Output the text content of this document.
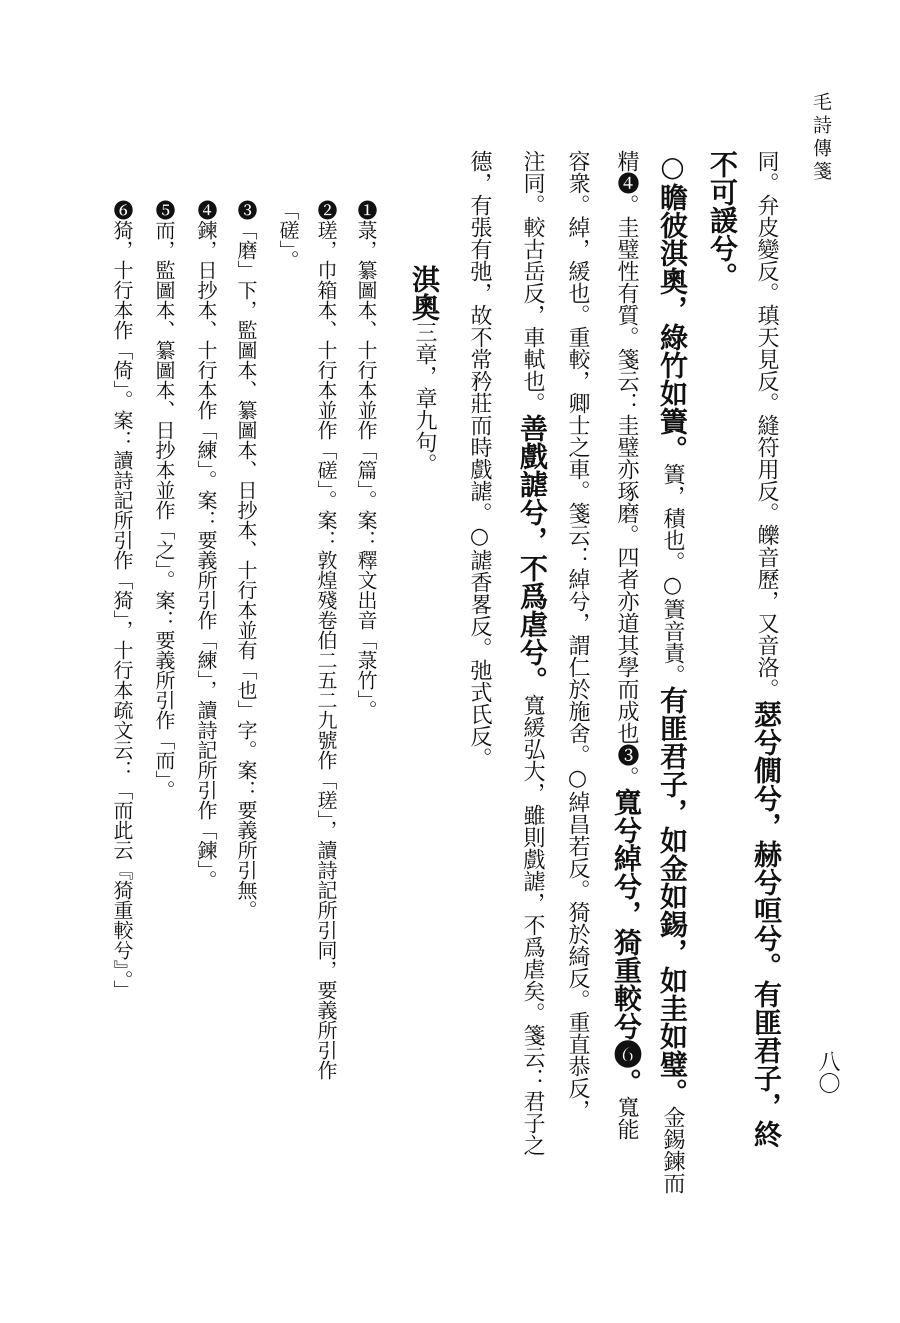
毛詩傳箋
八〇
同。弁皮變反。瑱天見反。縫符用反。皪音歷，又音洛。瑟兮僩兮，赫兮咺兮。有匪君子，終
不可諼兮。
○瞻彼淇奧，綠竹如簀。簀，積也。○簀音責。有匪君子，如金如錫，如圭如璧。金錫鍊而
精❹。圭璧性有質。箋云：圭璧亦琢磨。四者亦道其學而成也❸。寬兮綽兮，猗重較兮❻。寬能
容衆。綽，緩也。重較，卿士之車。箋云：綽兮，謂仁於施舍。○綽昌若反。猗於綺反。重直恭反，
注同。較古岳反，車軾也。善戲謔兮，不爲虐兮。寬緩弘大，雖則戲謔，不爲虐矣。箋云：君子之
德，有張有弛，故不常矜莊而時戲謔。○謔香畧反。弛式氏反。
淇奧三章，章九句。
❶菉，纂圖本、十行本並作「篇」。案：釋文出音「菉竹」。
❷瑳，巾箱本、十行本並作「磋」。案：敦煌殘卷伯二五二九號作「瑳」，讀詩記所引同，要義所引作
「磋」。
❸「磨」下，監圖本、纂圖本、日抄本、十行本並有「也」字。案：要義所引無。
❹鍊，日抄本、十行本作「練」。案：要義所引作「練」，讀詩記所引作「鍊」。
❺而，監圖本、纂圖本、日抄本並作「之」。案：要義所引作「而」。
❻猗，十行本作「倚」。案：讀詩記所引作「猗」，十行本疏文云：「而此云『猗重較兮』。」
